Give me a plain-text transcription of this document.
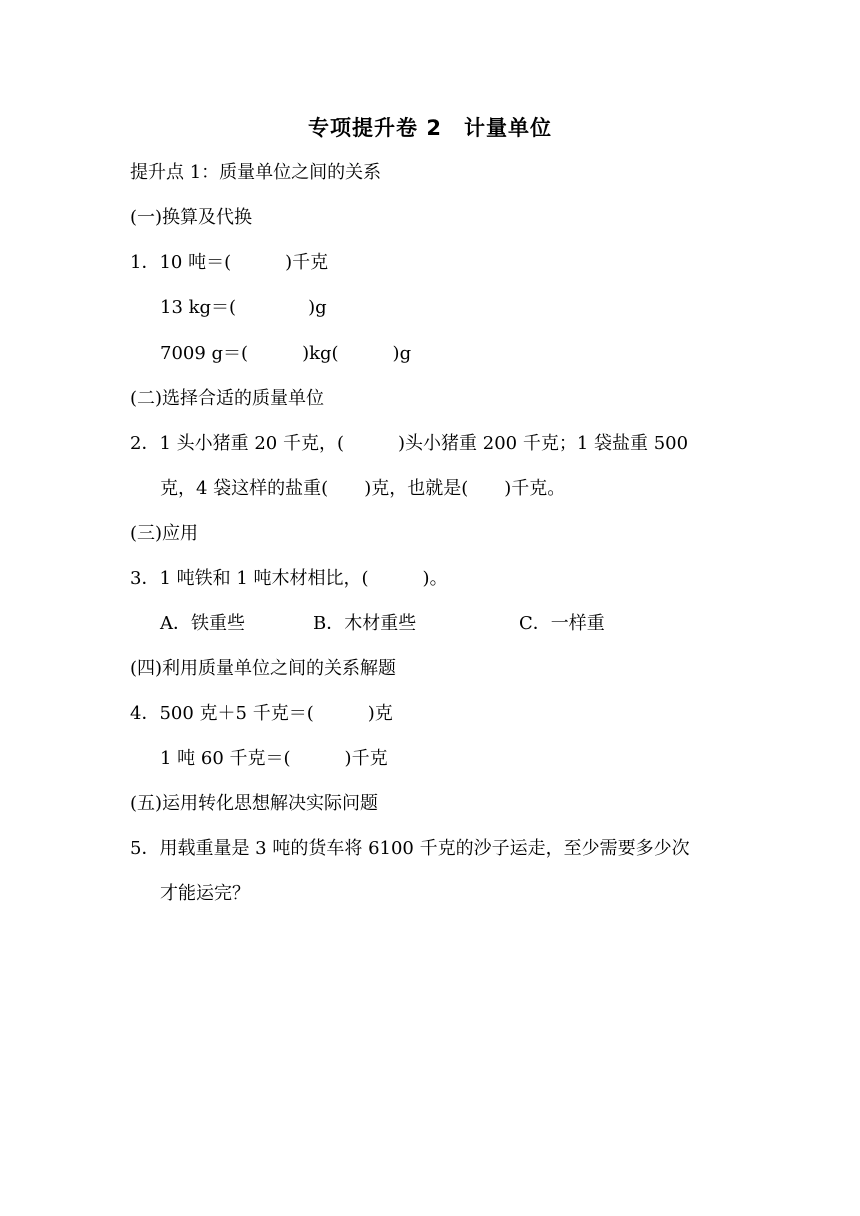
专项提升卷 2　计量单位
提升点 1：质量单位之间的关系
(一)换算及代换
1．10 吨＝(　　　)千克
13 kg＝(　　　　)g
7009 g＝(　　　)kg(　　　)g
(二)选择合适的质量单位
2．1 头小猪重 20 千克，(　　　)头小猪重 200 千克；1 袋盐重 500
克，4 袋这样的盐重(　　)克，也就是(　　)千克。
(三)应用
3．1 吨铁和 1 吨木材相比，(　　　)。
A．铁重些	B．木材重些	C．一样重
(四)利用质量单位之间的关系解题
4．500 克＋5 千克＝(　　　)克
1 吨 60 千克＝(　　　)千克
(五)运用转化思想解决实际问题
5．用载重量是 3 吨的货车将 6100 千克的沙子运走，至少需要多少次
才能运完？
